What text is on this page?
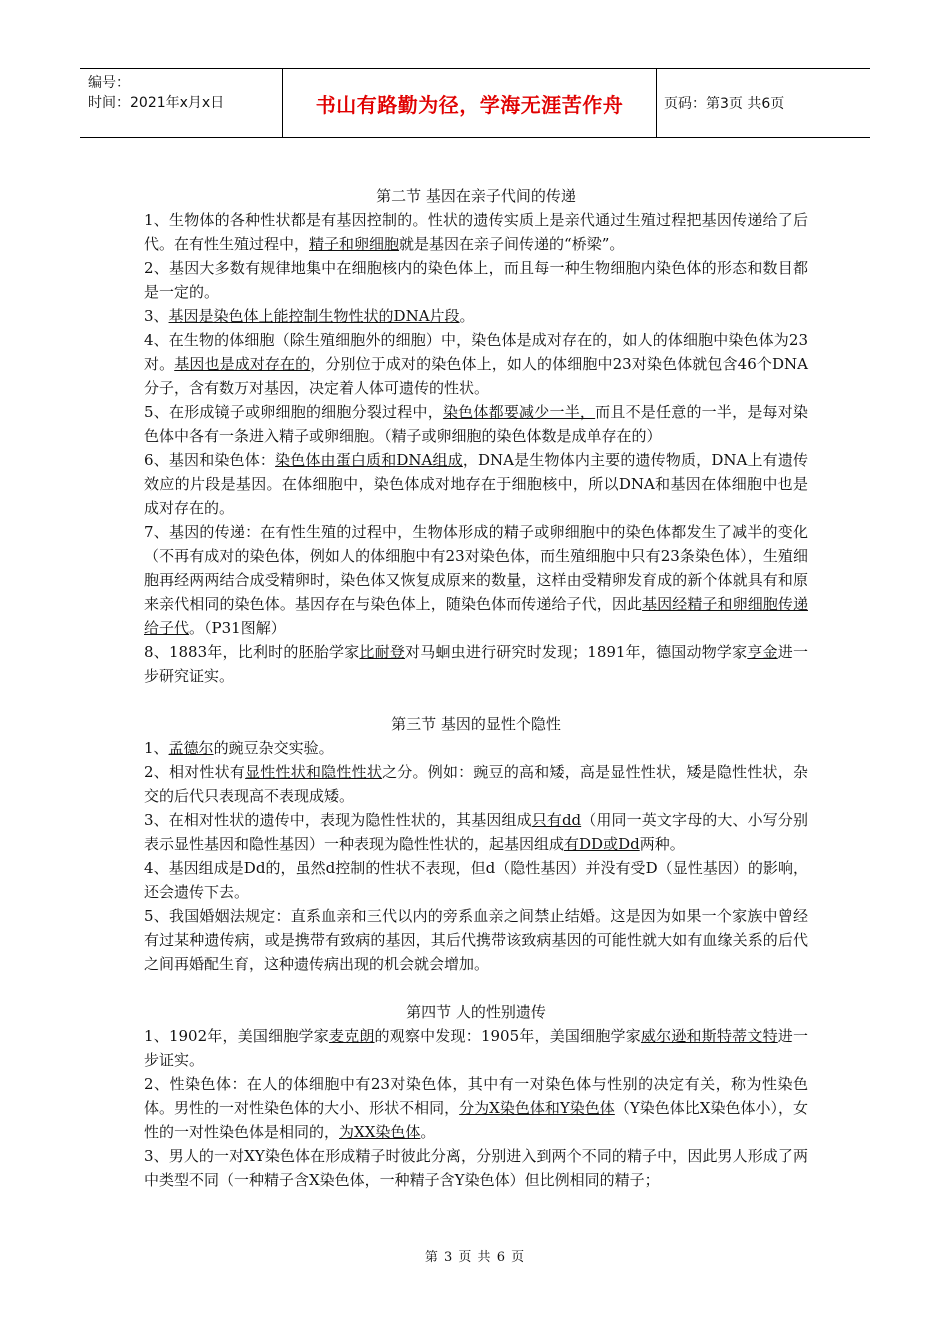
编号：
时间：2021年x月x日	书山有路勤为径，学海无涯苦作舟	页码：第3页 共6页

第二节 基因在亲子代间的传递

1、生物体的各种性状都是有基因控制的。性状的遗传实质上是亲代通过生殖过程把基因传递给了后代。在有性生殖过程中，精子和卵细胞就是基因在亲子间传递的“桥梁”。

2、基因大多数有规律地集中在细胞核内的染色体上，而且每一种生物细胞内染色体的形态和数目都是一定的。

3、基因是染色体上能控制生物性状的DNA片段。

4、在生物的体细胞（除生殖细胞外的细胞）中，染色体是成对存在的，如人的体细胞中染色体为23对。基因也是成对存在的，分别位于成对的染色体上，如人的体细胞中23对染色体就包含46个DNA分子，含有数万对基因，决定着人体可遗传的性状。

5、在形成镜子或卵细胞的细胞分裂过程中，染色体都要减少一半，而且不是任意的一半，是每对染色体中各有一条进入精子或卵细胞。（精子或卵细胞的染色体数是成单存在的）

6、基因和染色体：染色体由蛋白质和DNA组成，DNA是生物体内主要的遗传物质，DNA上有遗传效应的片段是基因。在体细胞中，染色体成对地存在于细胞核中，所以DNA和基因在体细胞中也是成对存在的。

7、基因的传递：在有性生殖的过程中，生物体形成的精子或卵细胞中的染色体都发生了减半的变化（不再有成对的染色体，例如人的体细胞中有23对染色体，而生殖细胞中只有23条染色体），生殖细胞再经两两结合成受精卵时，染色体又恢复成原来的数量，这样由受精卵发育成的新个体就具有和原来亲代相同的染色体。基因存在与染色体上，随染色体而传递给子代，因此基因经精子和卵细胞传递给子代。（P31图解）

8、1883年，比利时的胚胎学家比耐登对马蛔虫进行研究时发现；1891年，德国动物学家亨金进一步研究证实。

第三节 基因的显性个隐性

1、孟德尔的豌豆杂交实验。

2、相对性状有显性性状和隐性性状之分。例如：豌豆的高和矮，高是显性性状，矮是隐性性状，杂交的后代只表现高不表现成矮。

3、在相对性状的遗传中，表现为隐性性状的，其基因组成只有dd（用同一英文字母的大、小写分别表示显性基因和隐性基因）一种表现为隐性性状的，起基因组成有DD或Dd两种。

4、基因组成是Dd的，虽然d控制的性状不表现，但d（隐性基因）并没有受D（显性基因）的影响，还会遗传下去。

5、我国婚姻法规定：直系血亲和三代以内的旁系血亲之间禁止结婚。这是因为如果一个家族中曾经有过某种遗传病，或是携带有致病的基因，其后代携带该致病基因的可能性就大如有血缘关系的后代之间再婚配生育，这种遗传病出现的机会就会增加。

第四节 人的性别遗传

1、1902年，美国细胞学家麦克朗的观察中发现：1905年，美国细胞学家威尔逊和斯特蒂文特进一步证实。

2、性染色体：在人的体细胞中有23对染色体，其中有一对染色体与性别的决定有关，称为性染色体。男性的一对性染色体的大小、形状不相同，分为X染色体和Y染色体（Y染色体比X染色体小），女性的一对性染色体是相同的，为XX染色体。

3、男人的一对XY染色体在形成精子时彼此分离，分别进入到两个不同的精子中，因此男人形成了两中类型不同（一种精子含X染色体，一种精子含Y染色体）但比例相同的精子；

第 3 页 共 6 页
